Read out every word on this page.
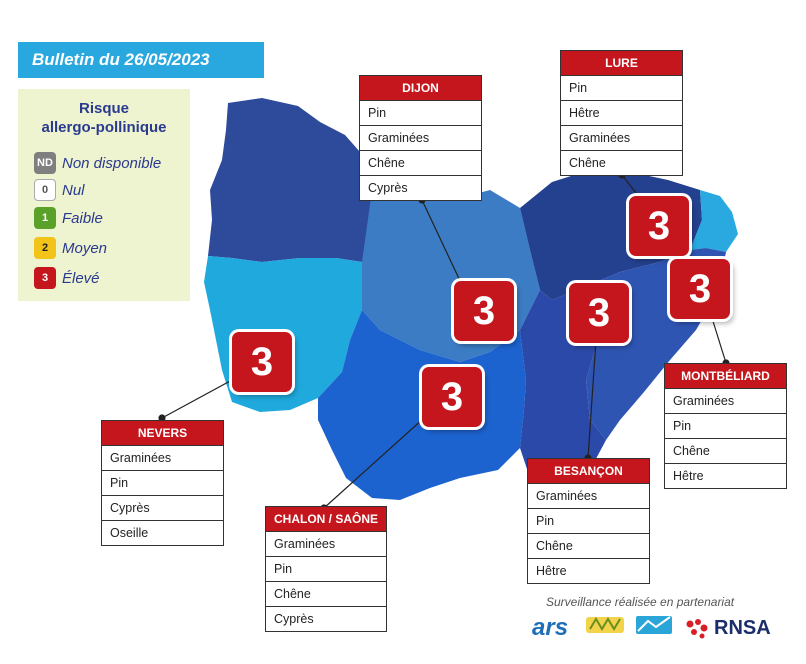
Bulletin du 26/05/2023
Risque
allergo-pollinique
ND Non disponible
0 Nul
1 Faible
2 Moyen
3 Élevé
DIJON
Pin
Graminées
Chêne
Cyprès
LURE
Pin
Hêtre
Graminées
Chêne
NEVERS
Graminées
Pin
Cyprès
Oseille
CHALON / SAÔNE
Graminées
Pin
Chêne
Cyprès
BESANÇON
Graminées
Pin
Chêne
Hêtre
MONTBÉLIARD
Graminées
Pin
Chêne
Hêtre
3
3	3
3
3
3
Surveillance réalisée en partenariat
ars	RNSA
